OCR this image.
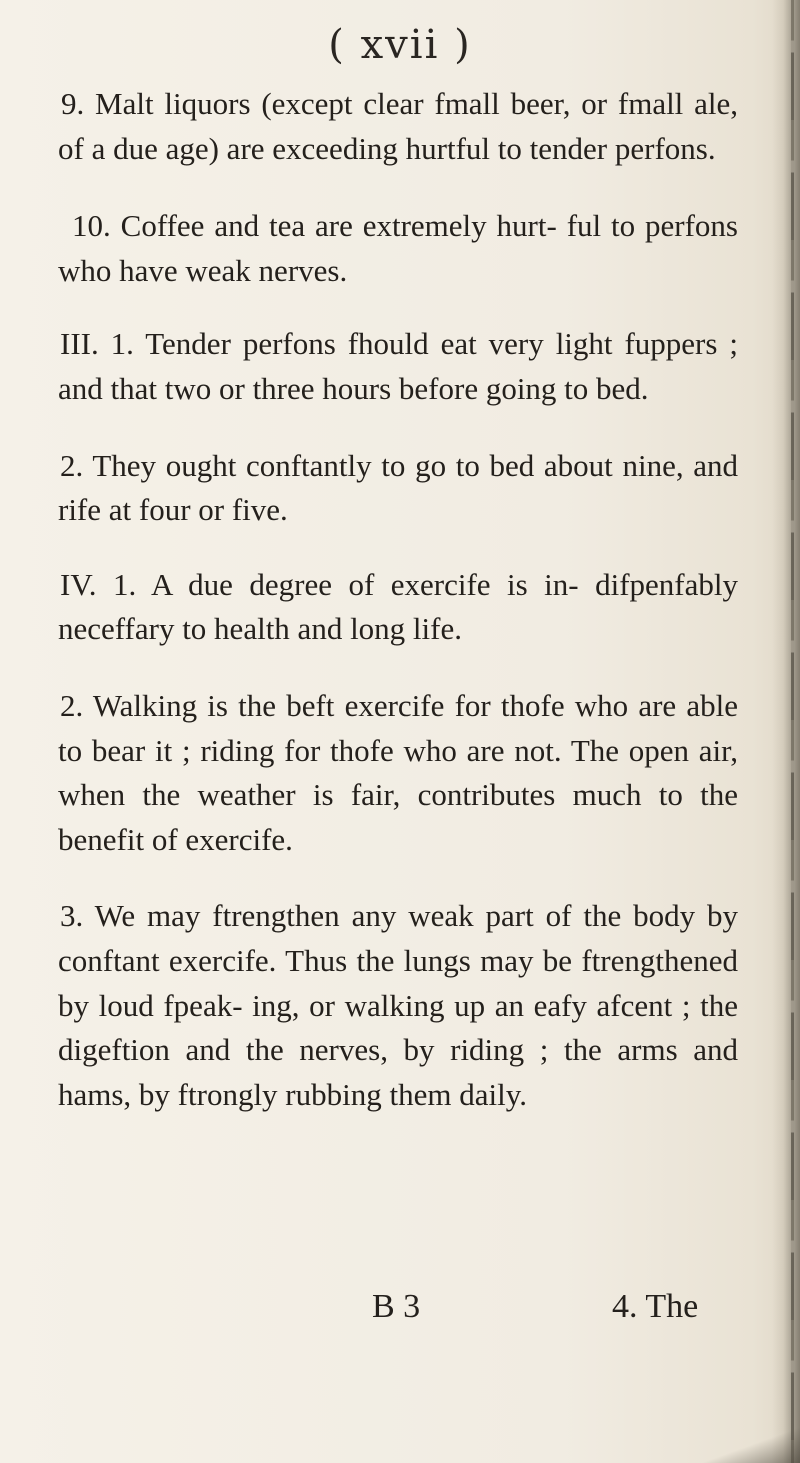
( xvii )

9. Malt liquors (except clear fmall beer, or fmall ale, of a due age) are exceeding hurtful to tender perfons.

10. Coffee and tea are extremely hurt- ful to perfons who have weak nerves.

III. 1. Tender perfons fhould eat very light fuppers ; and that two or three hours before going to bed.

2. They ought conftantly to go to bed about nine, and rife at four or five.

IV. 1. A due degree of exercife is in- difpenfably neceffary to health and long life.

2. Walking is the beft exercife for thofe who are able to bear it ; riding for thofe who are not. The open air, when the weather is fair, contributes much to the benefit of exercife.

3. We may ftrengthen any weak part of the body by conftant exercife. Thus the lungs may be ftrengthened by loud fpeak- ing, or walking up an eafy afcent ; the digeftion and the nerves, by riding ; the arms and hams, by ftrongly rubbing them daily.

B 3	4. The
